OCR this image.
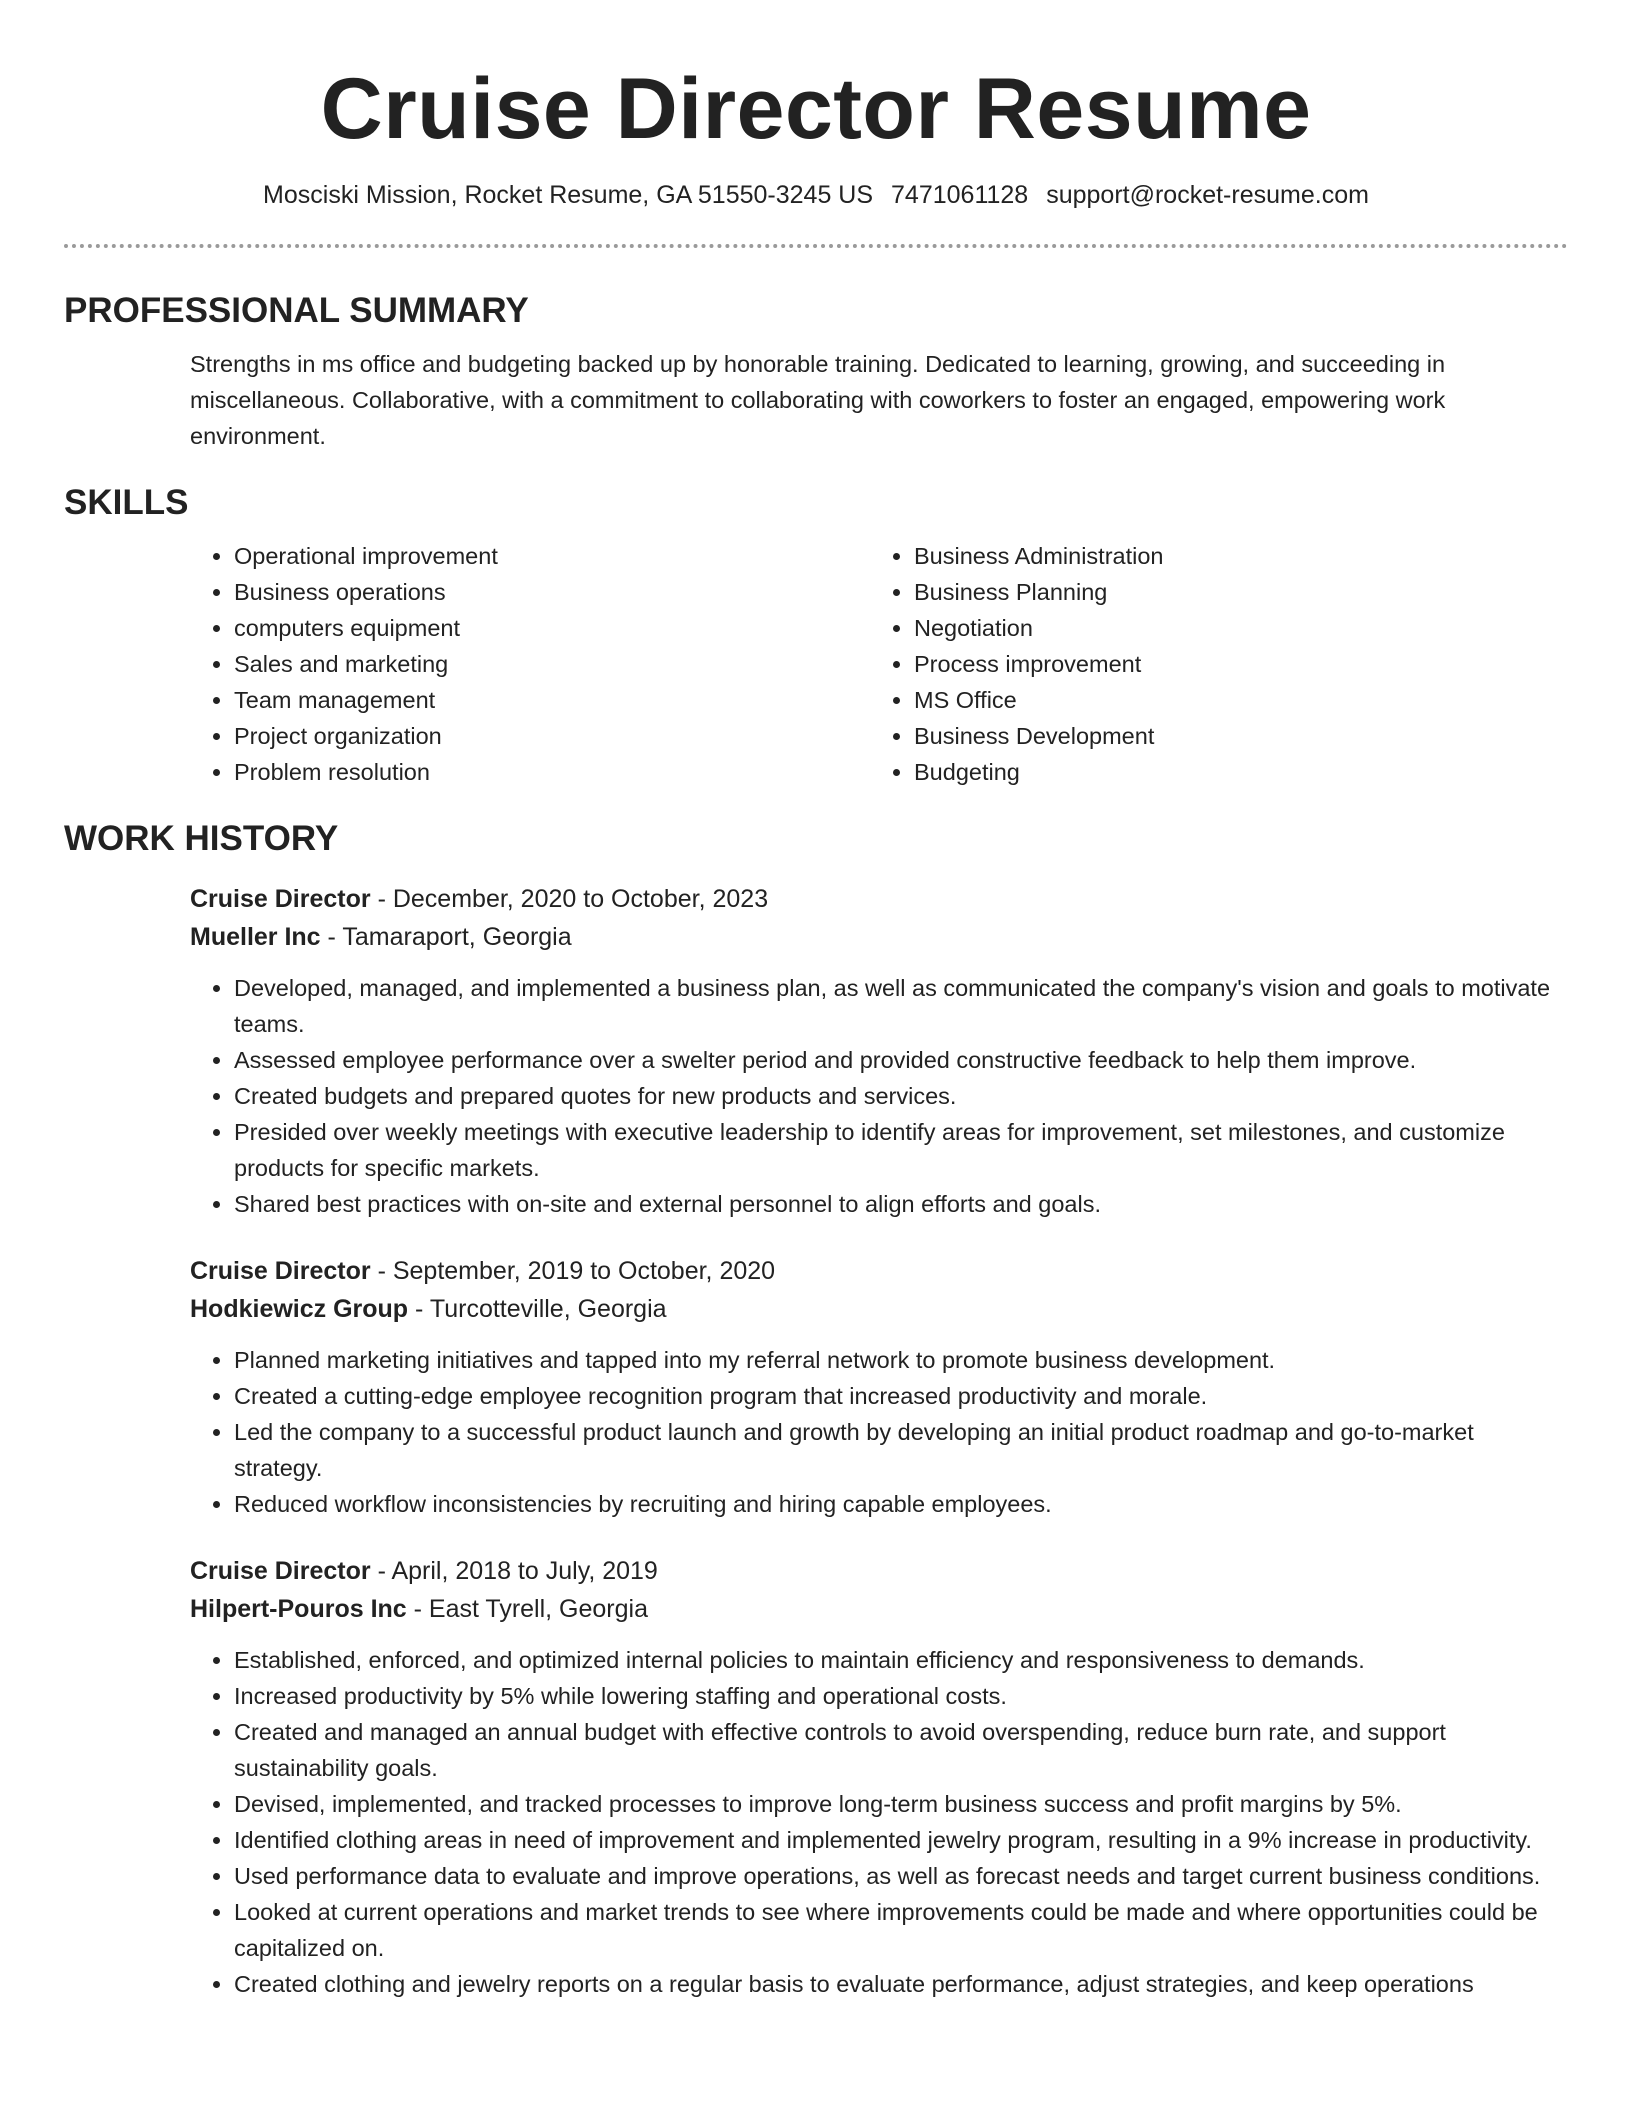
Cruise Director Resume
Mosciski Mission, Rocket Resume, GA 51550-3245 US 7471061128 support@rocket-resume.com
PROFESSIONAL SUMMARY

Strengths in ms office and budgeting backed up by honorable training. Dedicated to learning, growing, and succeeding in miscellaneous. Collaborative, with a commitment to collaborating with coworkers to foster an engaged, empowering work environment.

SKILLS
• Operational improvement
• Business operations
• computers equipment
• Sales and marketing
• Team management
• Project organization
• Problem resolution
• Business Administration
• Business Planning
• Negotiation
• Process improvement
• MS Office
• Business Development
• Budgeting
WORK HISTORY
Cruise Director - December, 2020 to October, 2023
Mueller Inc - Tamaraport, Georgia
• Developed, managed, and implemented a business plan, as well as communicated the company's vision and goals to motivate teams.
• Assessed employee performance over a swelter period and provided constructive feedback to help them improve.
• Created budgets and prepared quotes for new products and services.
• Presided over weekly meetings with executive leadership to identify areas for improvement, set milestones, and customize products for specific markets.
• Shared best practices with on-site and external personnel to align efforts and goals.
Cruise Director - September, 2019 to October, 2020
Hodkiewicz Group - Turcotteville, Georgia
• Planned marketing initiatives and tapped into my referral network to promote business development.
• Created a cutting-edge employee recognition program that increased productivity and morale.
• Led the company to a successful product launch and growth by developing an initial product roadmap and go-to-market strategy.
• Reduced workflow inconsistencies by recruiting and hiring capable employees.
Cruise Director - April, 2018 to July, 2019
Hilpert-Pouros Inc - East Tyrell, Georgia
• Established, enforced, and optimized internal policies to maintain efficiency and responsiveness to demands.
• Increased productivity by 5% while lowering staffing and operational costs.
• Created and managed an annual budget with effective controls to avoid overspending, reduce burn rate, and support sustainability goals.
• Devised, implemented, and tracked processes to improve long-term business success and profit margins by 5%.
• Identified clothing areas in need of improvement and implemented jewelry program, resulting in a 9% increase in productivity.
• Used performance data to evaluate and improve operations, as well as forecast needs and target current business conditions.
• Looked at current operations and market trends to see where improvements could be made and where opportunities could be capitalized on.
• Created clothing and jewelry reports on a regular basis to evaluate performance, adjust strategies, and keep operations
